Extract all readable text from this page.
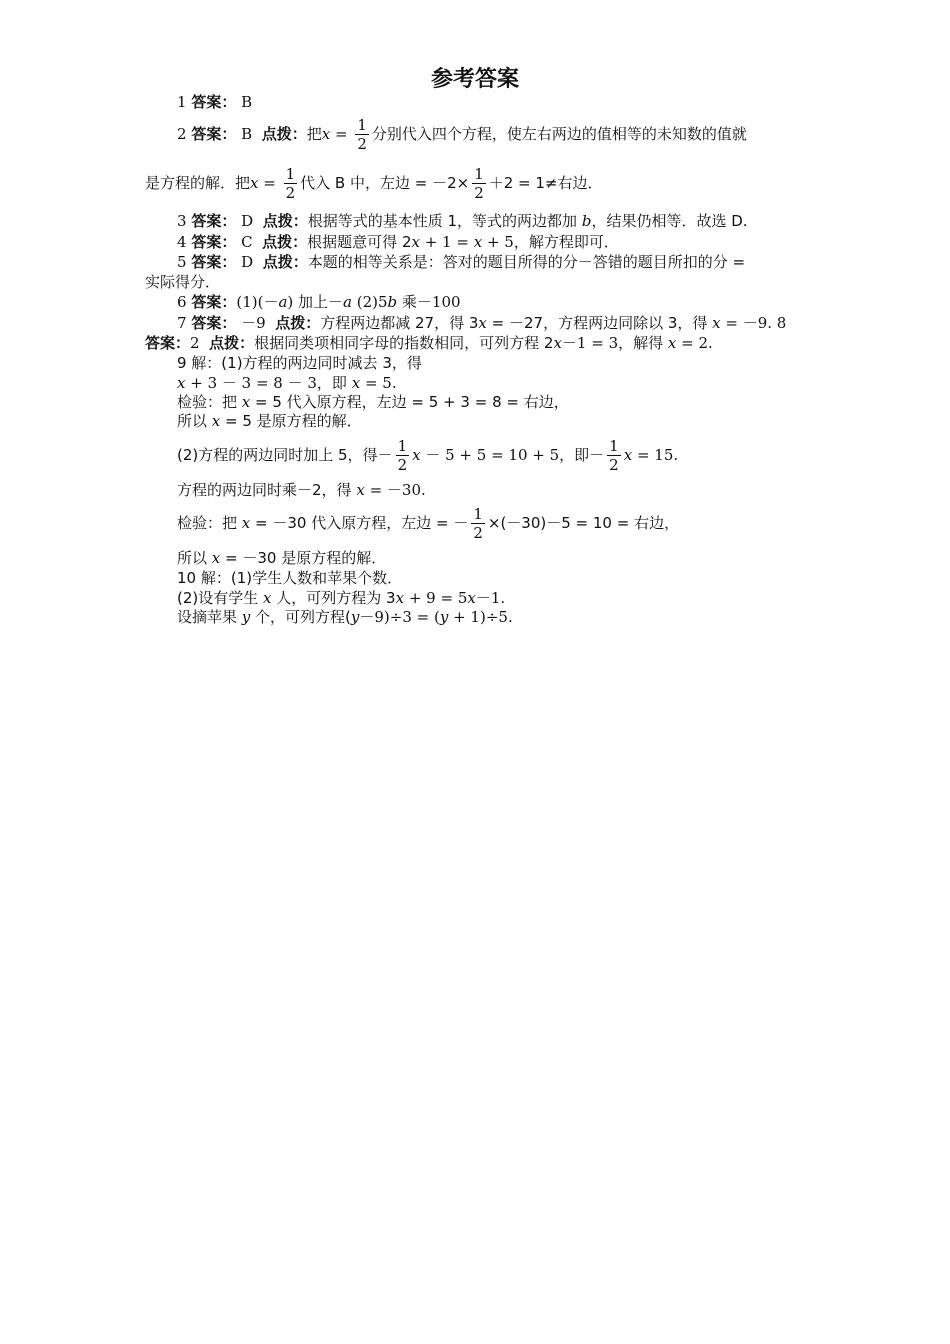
参考答案
1 答案： B
2 答案： B 点拨：把$x = \frac{1}{2}$ 分别代入四个方程，使左右两边的值相等的未知数的值就
是方程的解．把$x = \frac{1}{2}$ 代入 B 中，左边 = $-2\times \frac{1}{2} +2 = 1\ne$右边．
3 答案： D 点拨：根据等式的基本性质 1，等式的两边都加 b，结果仍相等．故选 D.
4 答案： C 点拨：根据题意可得 2x + 1 = x + 5，解方程即可．
5 答案： D 点拨：本题的相等关系是：答对的题目所得的分－答错的题目所扣的分 =
实际得分．
6 答案：(1)(－a) 加上－a (2)5b 乘－100
7 答案： －9 点拨：方程两边都减 27，得 3x = －27，方程两边同除以 3，得 x = －9. 8
答案：2 点拨：根据同类项相同字母的指数相同，可列方程 2x－1 = 3，解得 x = 2.
9 解：(1)方程的两边同时减去 3，得
x + 3 － 3 = 8 － 3，即 x = 5.
检验：把 x = 5 代入原方程，左边 = 5 + 3 = 8 = 右边，
所以 x = 5 是原方程的解．
(2)方程的两边同时加上 5，得－ $\frac{1}{2}$ x － 5 + 5 = 10 + 5，即－ $\frac{1}{2}$ x = 15.
方程的两边同时乘－2，得 x = －30.
检验：把 x = －30 代入原方程，左边 = － $\frac{1}{2} \times(-30)-5 = 10$ = 右边，
所以 x = －30 是原方程的解．
10 解：(1)学生人数和苹果个数．
(2)设有学生 x 人，可列方程为 3x + 9 = 5x－1.
设摘苹果 y 个，可列方程(y－9)÷3 = (y + 1)÷5.
